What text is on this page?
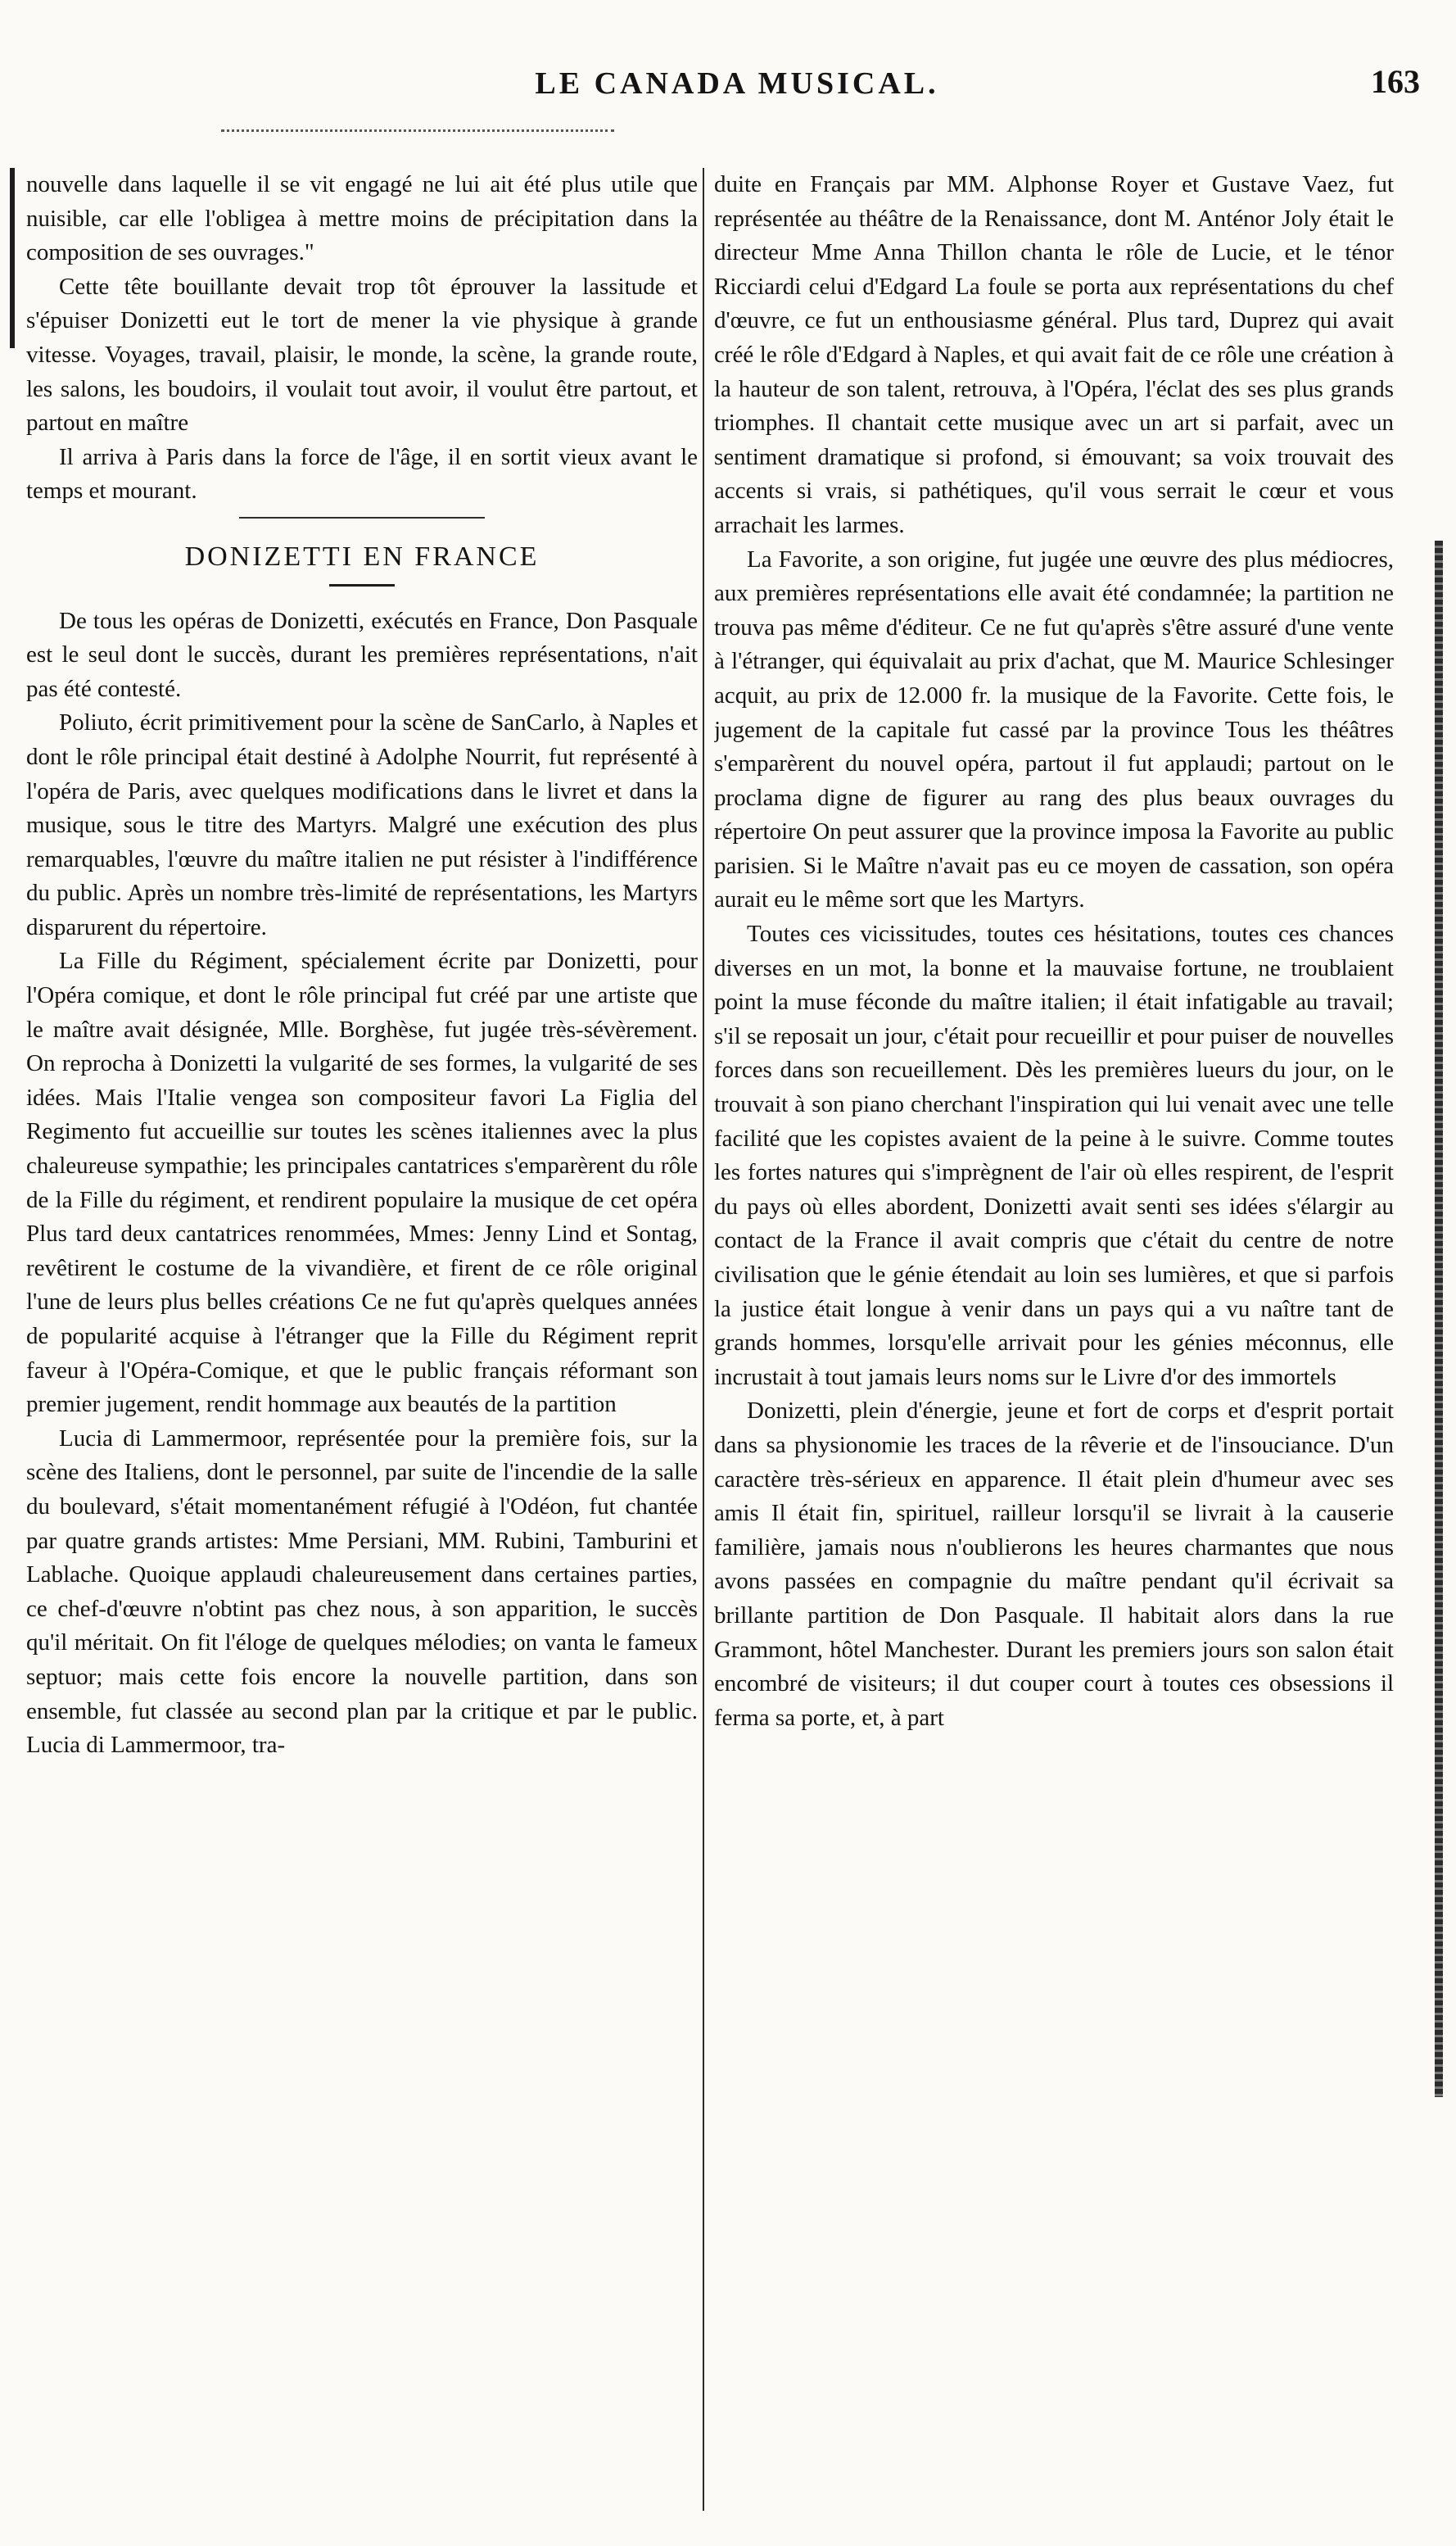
LE CANADA MUSICAL.	163

nouvelle dans laquelle il se vit engagé ne lui ait été plus utile que nuisible, car elle l'obligea à mettre moins de précipitation dans la composition de ses ouvrages."

Cette tête bouillante devait trop tôt éprouver la lassitude et s'épuiser Donizetti eut le tort de mener la vie physique à grande vitesse. Voyages, travail, plaisir, le monde, la scène, la grande route, les salons, les boudoirs, il voulait tout avoir, il voulut être partout, et partout en maître

Il arriva à Paris dans la force de l'âge, il en sortit vieux avant le temps et mourant.

DONIZETTI EN FRANCE

De tous les opéras de Donizetti, exécutés en France, Don Pasquale est le seul dont le succès, durant les premières représentations, n'ait pas été contesté.

Poliuto, écrit primitivement pour la scène de SanCarlo, à Naples et dont le rôle principal était destiné à Adolphe Nourrit, fut représenté à l'opéra de Paris, avec quelques modifications dans le livret et dans la musique, sous le titre des Martyrs. Malgré une exécution des plus remarquables, l'œuvre du maître italien ne put résister à l'indifférence du public. Après un nombre très-limité de représentations, les Martyrs disparurent du répertoire.

La Fille du Régiment, spécialement écrite par Donizetti, pour l'Opéra comique, et dont le rôle principal fut créé par une artiste que le maître avait désignée, Mlle. Borghèse, fut jugée très-sévèrement. On reprocha à Donizetti la vulgarité de ses formes, la vulgarité de ses idées. Mais l'Italie vengea son compositeur favori La Figlia del Regimento fut accueillie sur toutes les scènes italiennes avec la plus chaleureuse sympathie; les principales cantatrices s'emparèrent du rôle de la Fille du régiment, et rendirent populaire la musique de cet opéra Plus tard deux cantatrices renommées, Mmes: Jenny Lind et Sontag, revêtirent le costume de la vivandière, et firent de ce rôle original l'une de leurs plus belles créations Ce ne fut qu'après quelques années de popularité acquise à l'étranger que la Fille du Régiment reprit faveur à l'Opéra-Comique, et que le public français réformant son premier jugement, rendit hommage aux beautés de la partition

Lucia di Lammermoor, représentée pour la première fois, sur la scène des Italiens, dont le personnel, par suite de l'incendie de la salle du boulevard, s'était momentanément réfugié à l'Odéon, fut chantée par quatre grands artistes: Mme Persiani, MM. Rubini, Tamburini et Lablache. Quoique applaudi chaleureusement dans certaines parties, ce chef-d'œuvre n'obtint pas chez nous, à son apparition, le succès qu'il méritait. On fit l'éloge de quelques mélodies; on vanta le fameux septuor; mais cette fois encore la nouvelle partition, dans son ensemble, fut classée au second plan par la critique et par le public. Lucia di Lammermoor, tra-

duite en Français par MM. Alphonse Royer et Gustave Vaez, fut représentée au théâtre de la Renaissance, dont M. Anténor Joly était le directeur Mme Anna Thillon chanta le rôle de Lucie, et le ténor Ricciardi celui d'Edgard La foule se porta aux représentations du chef d'œuvre, ce fut un enthousiasme général. Plus tard, Duprez qui avait créé le rôle d'Edgard à Naples, et qui avait fait de ce rôle une création à la hauteur de son talent, retrouva, à l'Opéra, l'éclat des ses plus grands triomphes. Il chantait cette musique avec un art si parfait, avec un sentiment dramatique si profond, si émouvant; sa voix trouvait des accents si vrais, si pathétiques, qu'il vous serrait le cœur et vous arrachait les larmes.

La Favorite, a son origine, fut jugée une œuvre des plus médiocres, aux premières représentations elle avait été condamnée; la partition ne trouva pas même d'éditeur. Ce ne fut qu'après s'être assuré d'une vente à l'étranger, qui équivalait au prix d'achat, que M. Maurice Schlesinger acquit, au prix de 12.000 fr. la musique de la Favorite. Cette fois, le jugement de la capitale fut cassé par la province Tous les théâtres s'emparèrent du nouvel opéra, partout il fut applaudi; partout on le proclama digne de figurer au rang des plus beaux ouvrages du répertoire On peut assurer que la province imposa la Favorite au public parisien. Si le Maître n'avait pas eu ce moyen de cassation, son opéra aurait eu le même sort que les Martyrs.

Toutes ces vicissitudes, toutes ces hésitations, toutes ces chances diverses en un mot, la bonne et la mauvaise fortune, ne troublaient point la muse féconde du maître italien; il était infatigable au travail; s'il se reposait un jour, c'était pour recueillir et pour puiser de nouvelles forces dans son recueillement. Dès les premières lueurs du jour, on le trouvait à son piano cherchant l'inspiration qui lui venait avec une telle facilité que les copistes avaient de la peine à le suivre. Comme toutes les fortes natures qui s'imprègnent de l'air où elles respirent, de l'esprit du pays où elles abordent, Donizetti avait senti ses idées s'élargir au contact de la France il avait compris que c'était du centre de notre civilisation que le génie étendait au loin ses lumières, et que si parfois la justice était longue à venir dans un pays qui a vu naître tant de grands hommes, lorsqu'elle arrivait pour les génies méconnus, elle incrustait à tout jamais leurs noms sur le Livre d'or des immortels

Donizetti, plein d'énergie, jeune et fort de corps et d'esprit portait dans sa physionomie les traces de la rêverie et de l'insouciance. D'un caractère très-sérieux en apparence. Il était plein d'humeur avec ses amis Il était fin, spirituel, railleur lorsqu'il se livrait à la causerie familière, jamais nous n'oublierons les heures charmantes que nous avons passées en compagnie du maître pendant qu'il écrivait sa brillante partition de Don Pasquale. Il habitait alors dans la rue Grammont, hôtel Manchester. Durant les premiers jours son salon était encombré de visiteurs; il dut couper court à toutes ces obsessions il ferma sa porte, et, à part
